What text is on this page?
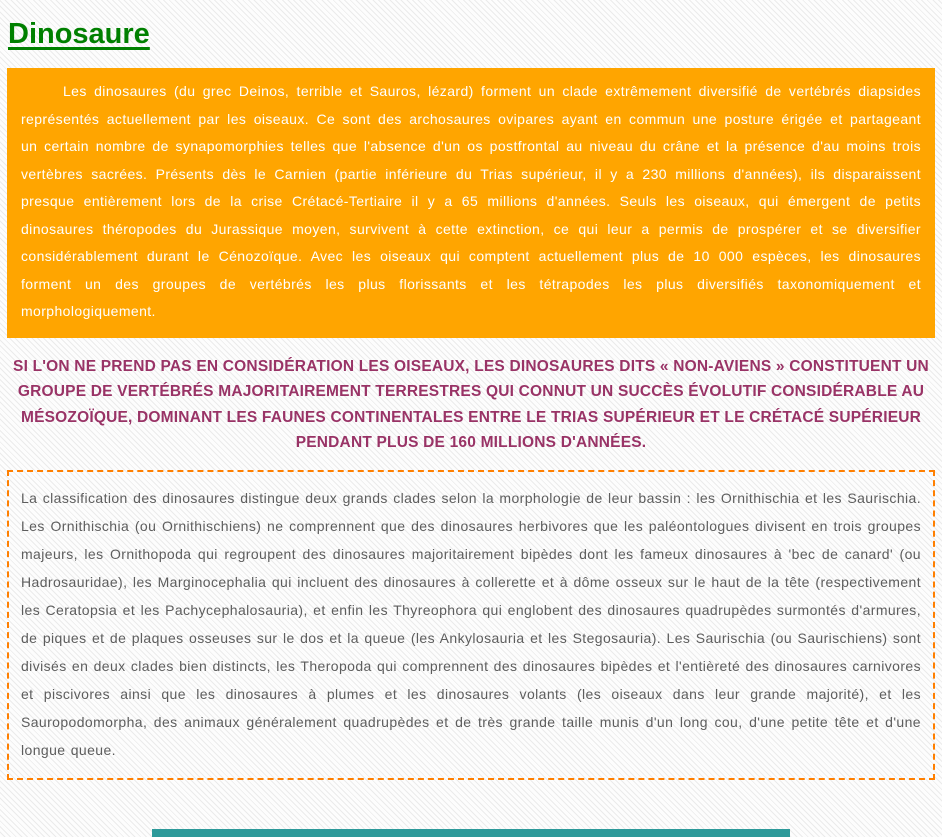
Dinosaure

Les dinosaures (du grec Deinos, terrible et Sauros, lézard) forment un clade extrêmement diversifié de vertébrés diapsides représentés actuellement par les oiseaux. Ce sont des archosaures ovipares ayant en commun une posture érigée et partageant un certain nombre de synapomorphies telles que l'absence d'un os postfrontal au niveau du crâne et la présence d'au moins trois vertèbres sacrées. Présents dès le Carnien (partie inférieure du Trias supérieur, il y a 230 millions d'années), ils disparaissent presque entièrement lors de la crise Crétacé-Tertiaire il y a 65 millions d'années. Seuls les oiseaux, qui émergent de petits dinosaures théropodes du Jurassique moyen, survivent à cette extinction, ce qui leur a permis de prospérer et se diversifier considérablement durant le Cénozoïque. Avec les oiseaux qui comptent actuellement plus de 10 000 espèces, les dinosaures forment un des groupes de vertébrés les plus florissants et les tétrapodes les plus diversifiés taxonomiquement et morphologiquement.

SI L'ON NE PREND PAS EN CONSIDÉRATION LES OISEAUX, LES DINOSAURES DITS « NON-AVIENS » CONSTITUENT UN GROUPE DE VERTÉBRÉS MAJORITAIREMENT TERRESTRES QUI CONNUT UN SUCCÈS ÉVOLUTIF CONSIDÉRABLE AU MÉSOZOÏQUE, DOMINANT LES FAUNES CONTINENTALES ENTRE LE TRIAS SUPÉRIEUR ET LE CRÉTACÉ SUPÉRIEUR PENDANT PLUS DE 160 MILLIONS D'ANNÉES.

La classification des dinosaures distingue deux grands clades selon la morphologie de leur bassin : les Ornithischia et les Saurischia. Les Ornithischia (ou Ornithischiens) ne comprennent que des dinosaures herbivores que les paléontologues divisent en trois groupes majeurs, les Ornithopoda qui regroupent des dinosaures majoritairement bipèdes dont les fameux dinosaures à 'bec de canard' (ou Hadrosauridae), les Marginocephalia qui incluent des dinosaures à collerette et à dôme osseux sur le haut de la tête (respectivement les Ceratopsia et les Pachycephalosauria), et enfin les Thyreophora qui englobent des dinosaures quadrupèdes surmontés d'armures, de piques et de plaques osseuses sur le dos et la queue (les Ankylosauria et les Stegosauria). Les Saurischia (ou Saurischiens) sont divisés en deux clades bien distincts, les Theropoda qui comprennent des dinosaures bipèdes et l'entièreté des dinosaures carnivores et piscivores ainsi que les dinosaures à plumes et les dinosaures volants (les oiseaux dans leur grande majorité), et les Sauropodomorpha, des animaux généralement quadrupèdes et de très grande taille munis d'un long cou, d'une petite tête et d'une longue queue.
